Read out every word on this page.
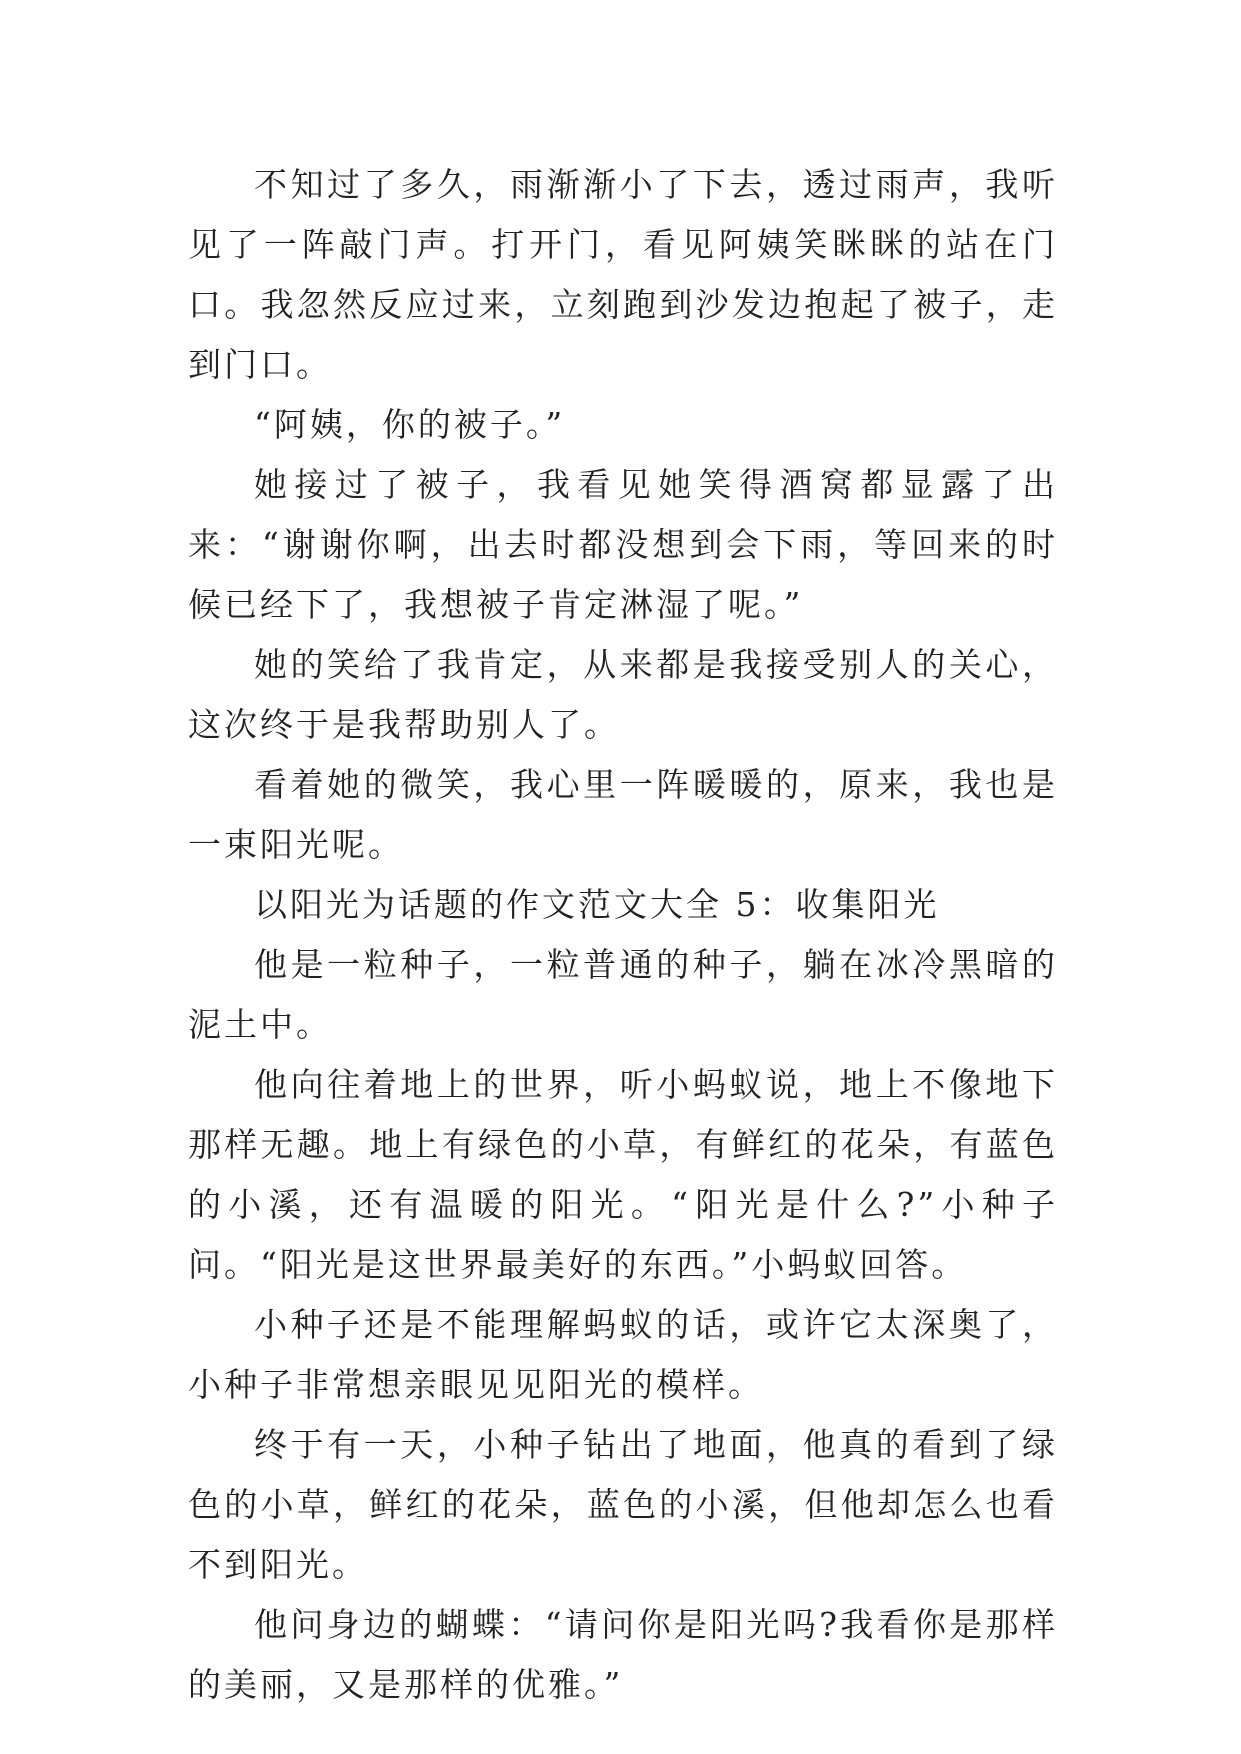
不知过了多久，雨渐渐小了下去，透过雨声，我听见了一阵敲门声。打开门，看见阿姨笑眯眯的站在门口。我忽然反应过来，立刻跑到沙发边抱起了被子，走到门口。

“阿姨，你的被子。”

她接过了被子，我看见她笑得酒窝都显露了出来：“谢谢你啊，出去时都没想到会下雨，等回来的时候已经下了，我想被子肯定淋湿了呢。”

她的笑给了我肯定，从来都是我接受别人的关心，这次终于是我帮助别人了。

看着她的微笑，我心里一阵暖暖的，原来，我也是一束阳光呢。

以阳光为话题的作文范文大全 5：收集阳光

他是一粒种子，一粒普通的种子，躺在冰冷黑暗的泥土中。

他向往着地上的世界，听小蚂蚁说，地上不像地下那样无趣。地上有绿色的小草，有鲜红的花朵，有蓝色的小溪，还有温暖的阳光。“阳光是什么?”小种子问。“阳光是这世界最美好的东西。”小蚂蚁回答。

小种子还是不能理解蚂蚁的话，或许它太深奥了，小种子非常想亲眼见见阳光的模样。

终于有一天，小种子钻出了地面，他真的看到了绿色的小草，鲜红的花朵，蓝色的小溪，但他却怎么也看不到阳光。

他问身边的蝴蝶：“请问你是阳光吗?我看你是那样的美丽，又是那样的优雅。”
